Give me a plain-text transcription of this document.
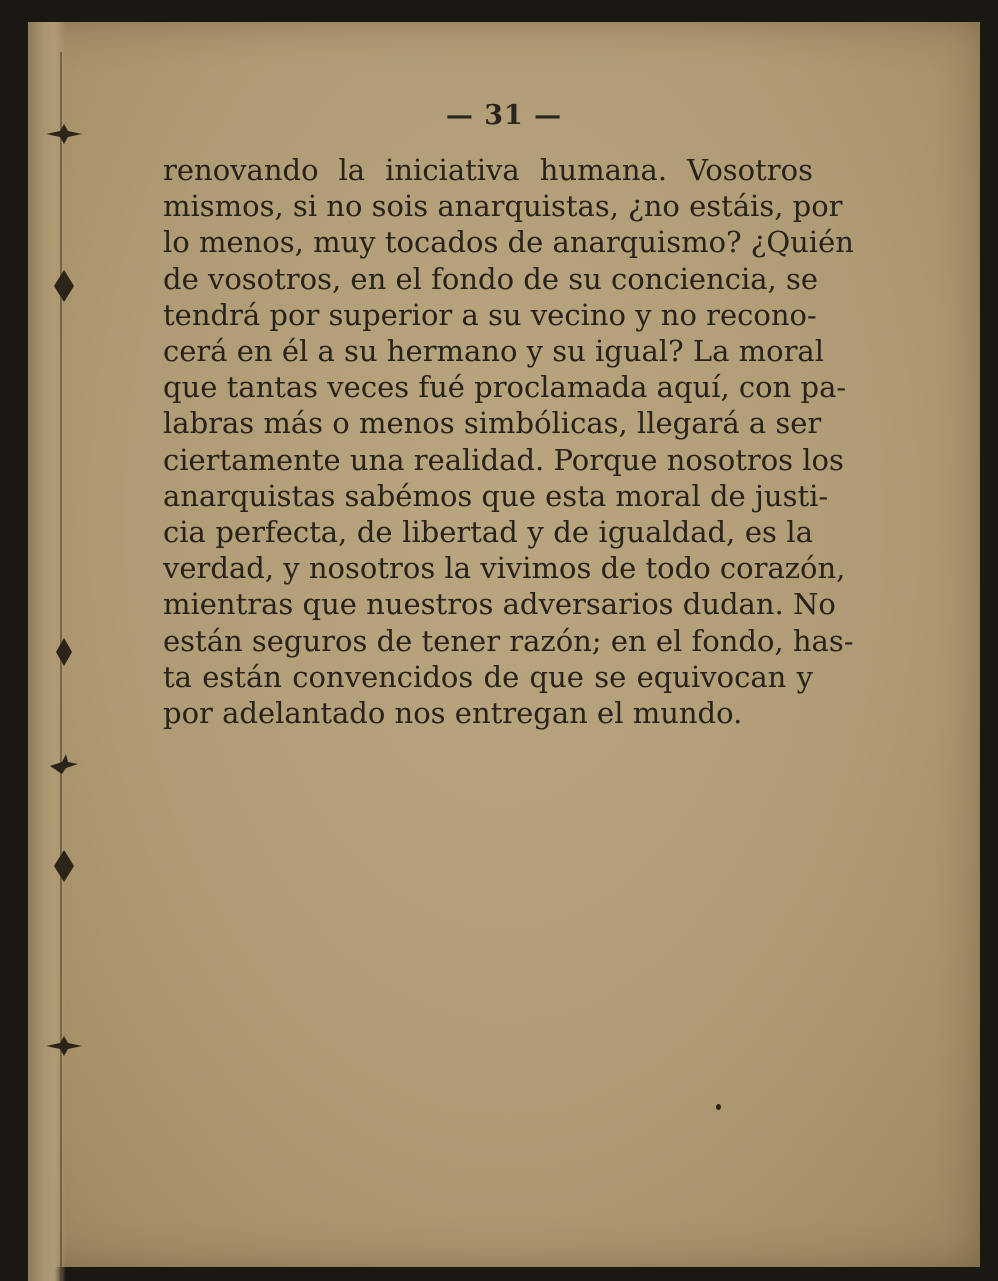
— 31 —
renovando la iniciativa humana. Vosotros
mismos, si no sois anarquistas, ¿no estáis, por
lo menos, muy tocados de anarquismo? ¿Quién
de vosotros, en el fondo de su conciencia, se
tendrá por superior a su vecino y no recono-
cerá en él a su hermano y su igual? La moral
que tantas veces fué proclamada aquí, con pa-
labras más o menos simbólicas, llegará a ser
ciertamente una realidad. Porque nosotros los
anarquistas sabémos que esta moral de justi-
cia perfecta, de libertad y de igualdad, es la
verdad, y nosotros la vivimos de todo corazón,
mientras que nuestros adversarios dudan. No
están seguros de tener razón; en el fondo, has-
ta están convencidos de que se equivocan y
por adelantado nos entregan el mundo.
